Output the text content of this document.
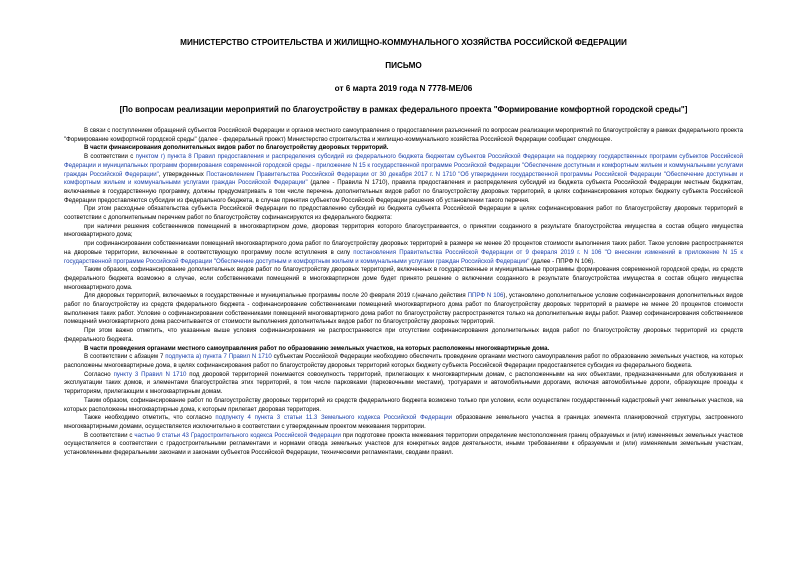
МИНИСТЕРСТВО СТРОИТЕЛЬСТВА И ЖИЛИЩНО-КОММУНАЛЬНОГО ХОЗЯЙСТВА РОССИЙСКОЙ ФЕДЕРАЦИИ
ПИСЬМО
от 6 марта 2019 года N 7778-МЕ/06
[По вопросам реализации мероприятий по благоустройству в рамках федерального проекта "Формирование комфортной городской среды"]

В связи с поступлением обращений субъектов Российской Федерации и органов местного самоуправления о предоставлении разъяснений по вопросам реализации мероприятий по благоустройству в рамках федерального проекта "Формирование комфортной городской среды" (далее - федеральный проект) Министерство строительства и жилищно-коммунального хозяйства Российской Федерации сообщает следующее.

В части финансирования дополнительных видов работ по благоустройству дворовых территорий.

В соответствии с пунктом г) пункта 8 Правил предоставления и распределения субсидий из федерального бюджета бюджетам субъектов Российской Федерации на поддержку государственных программ субъектов Российской Федерации и муниципальных программ формирования современной городской среды - приложение N 15 к государственной программе Российской Федерации "Обеспечение доступным и комфортным жильем и коммунальными услугами граждан Российской Федерации", утвержденных Постановлением Правительства Российской Федерации от 30 декабря 2017 г. N 1710 "Об утверждении государственной программы Российской Федерации "Обеспечение доступным и комфортным жильем и коммунальными услугами граждан Российской Федерации" (далее - Правила N 1710), правила предоставления и распределения субсидий из бюджета субъекта Российской Федерации местным бюджетам, включаемые в государственную программу, должны предусматривать в том числе перечень дополнительных видов работ по благоустройству дворовых территорий, в целях софинансирования которых бюджету субъекта Российской Федерации предоставляются субсидии из федерального бюджета, в случае принятия субъектом Российской Федерации решения об установлении такого перечня.

При этом расходные обязательства субъекта Российской Федерации по предоставлению субсидий из бюджета субъекта Российской Федерации в целях софинансирования работ по благоустройству дворовых территорий в соответствии с дополнительным перечнем работ по благоустройству софинансируются из федерального бюджета:

при наличии решения собственников помещений в многоквартирном доме, дворовая территория которого благоустраивается, о принятии созданного в результате благоустройства имущества в состав общего имущества многоквартирного дома;

при софинансировании собственниками помещений многоквартирного дома работ по благоустройству дворовых территорий в размере не менее 20 процентов стоимости выполнения таких работ. Такое условие распространяется на дворовые территории, включенные в соответствующую программу после вступления в силу постановления Правительства Российской Федерации от 9 февраля 2019 г. N 106 "О внесении изменений в приложение N 15 к государственной программе Российской Федерации "Обеспечение доступным и комфортным жильем и коммунальными услугами граждан Российской Федерации" (далее - ППРФ N 106).

Таким образом, софинансирование дополнительных видов работ по благоустройству дворовых территорий, включенных в государственные и муниципальные программы формирования современной городской среды, из средств федерального бюджета возможно в случае, если собственниками помещений в многоквартирном доме будет принято решение о включении созданного в результате благоустройства имущества в состав общего имущества многоквартирного дома.

Для дворовых территорий, включаемых в государственные и муниципальные программы после 20 февраля 2019 г.(начало действия ППРФ N 106), установлено дополнительное условие софинансирования дополнительных видов работ по благоустройству из средств федерального бюджета - софинансирование собственниками помещений многоквартирного дома работ по благоустройству дворовых территорий в размере не менее 20 процентов стоимости выполнения таких работ. Условие о софинансировании собственниками помещений многоквартирного дома работ по благоустройству распространяется только на дополнительные виды работ. Размер софинансирования собственников помещений многоквартирного дома рассчитывается от стоимости выполнения дополнительных видов работ по благоустройству дворовых территорий.

При этом важно отметить, что указанные выше условия софинансирования не распространяются при отсутствии софинансирования дополнительных видов работ по благоустройству дворовых территорий из средств федерального бюджета.

В части проведения органами местного самоуправления работ по образованию земельных участков, на которых расположены многоквартирные дома.

В соответствии с абзацем 7 подпункта а) пункта 7 Правил N 1710 субъектам Российской Федерации необходимо обеспечить проведение органами местного самоуправления работ по образованию земельных участков, на которых расположены многоквартирные дома, в целях софинансирования работ по благоустройству дворовых территорий которых бюджету субъекта Российской Федерации предоставляется субсидия из федерального бюджета.

Согласно пункту 3 Правил N 1710 под дворовой территорией понимается совокупность территорий, прилегающих к многоквартирным домам, с расположенными на них объектами, предназначенными для обслуживания и эксплуатации таких домов, и элементами благоустройства этих территорий, в том числе парковками (парковочными местами), тротуарами и автомобильными дорогами, включая автомобильные дороги, образующие проезды к территориям, прилегающим к многоквартирным домам.

Таким образом, софинансирование работ по благоустройству дворовых территорий из средств федерального бюджета возможно только при условии, если осуществлен государственный кадастровый учет земельных участков, на которых расположены многоквартирные дома, к которым прилегает дворовая территория.

Также необходимо отметить, что согласно подпункту 4 пункта 3 статьи 11.3 Земельного кодекса Российской Федерации образование земельного участка в границах элемента планировочной структуры, застроенного многоквартирными домами, осуществляется исключительно в соответствии с утвержденным проектом межевания территории.

В соответствии с частью 9 статьи 43 Градостроительного кодекса Российской Федерации при подготовке проекта межевания территории определение местоположения границ образуемых и (или) изменяемых земельных участков осуществляется в соответствии с градостроительными регламентами и нормами отвода земельных участков для конкретных видов деятельности, иными требованиями к образуемым и (или) изменяемым земельным участкам, установленными федеральными законами и законами субъектов Российской Федерации, техническими регламентами, сводами правил.
